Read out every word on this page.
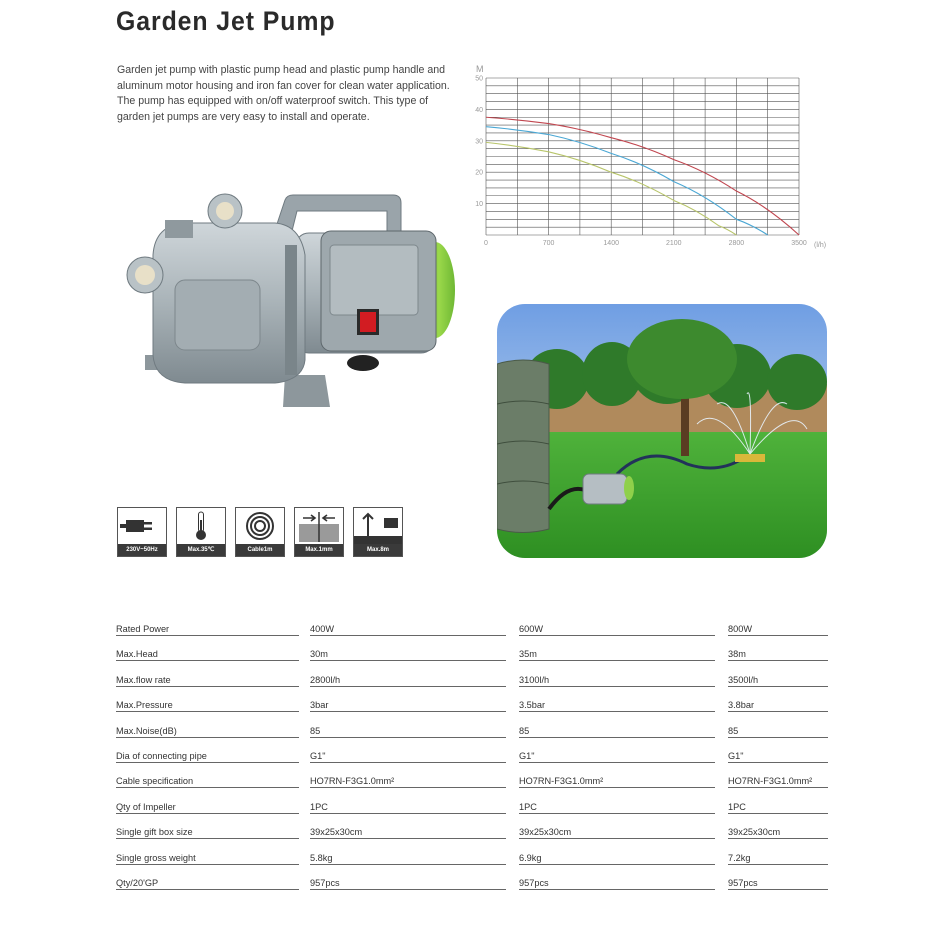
Garden Jet Pump
Garden jet pump with plastic pump head and plastic pump handle and aluminum motor housing and iron fan cover for clean water application. The pump has equipped with on/off waterproof switch. This type of garden jet pumps are very easy to install and operate.
0	700	1400	2100	2800	3500
10
20
30
40
50
M
(l/h)
230V~50Hz	Max.35℃	Cable1m	Max.1mm	Max.8m
Rated Power	400W	600W	800W
Max.Head	30m	35m	38m
Max.flow rate	2800l/h	3100l/h	3500l/h
Max.Pressure	3bar	3.5bar	3.8bar
Max.Noise(dB)	85	85	85
Dia of connecting pipe	G1"	G1"	G1"
Cable specification	HO7RN-F3G1.0mm²	HO7RN-F3G1.0mm²	HO7RN-F3G1.0mm²
Qty of Impeller	1PC	1PC	1PC
Single gift box size	39x25x30cm	39x25x30cm	39x25x30cm
Single gross weight	5.8kg	6.9kg	7.2kg
Qty/20'GP	957pcs	957pcs	957pcs
